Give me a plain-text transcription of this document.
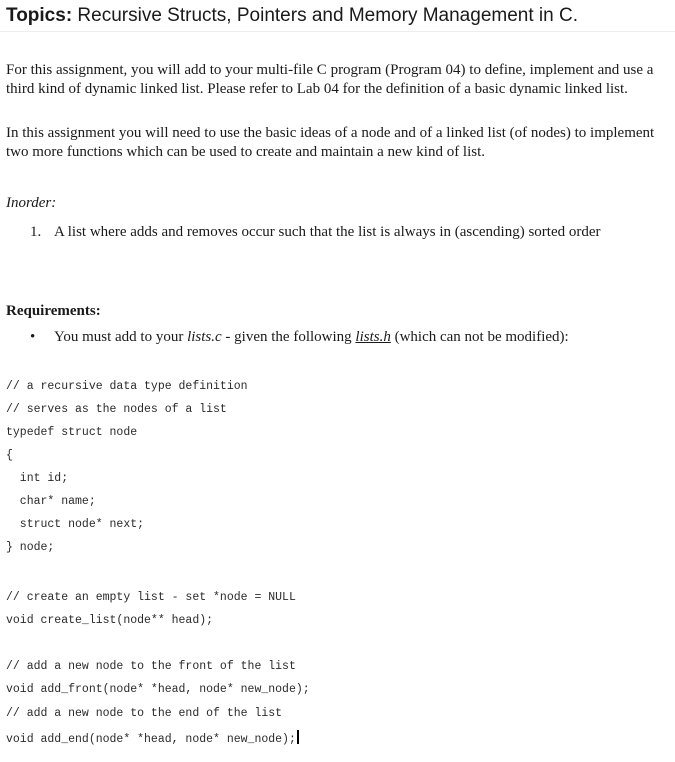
Topics: Recursive Structs, Pointers and Memory Management in C.
For this assignment, you will add to your multi-file C program (Program 04) to define, implement and use a third kind of dynamic linked list. Please refer to Lab 04 for the definition of a basic dynamic linked list.
In this assignment you will need to use the basic ideas of a node and of a linked list (of nodes) to implement two more functions which can be used to create and maintain a new kind of list.
Inorder:
1. A list where adds and removes occur such that the list is always in (ascending) sorted order
Requirements:
• You must add to your lists.c - given the following lists.h (which can not be modified):
// a recursive data type definition
// serves as the nodes of a list
typedef struct node
{
int id;
char* name;
struct node* next;
} node;
// create an empty list - set *node = NULL
void create_list(node** head);
// add a new node to the front of the list
void add_front(node* *head, node* new_node);
// add a new node to the end of the list
void add_end(node* *head, node* new_node);
